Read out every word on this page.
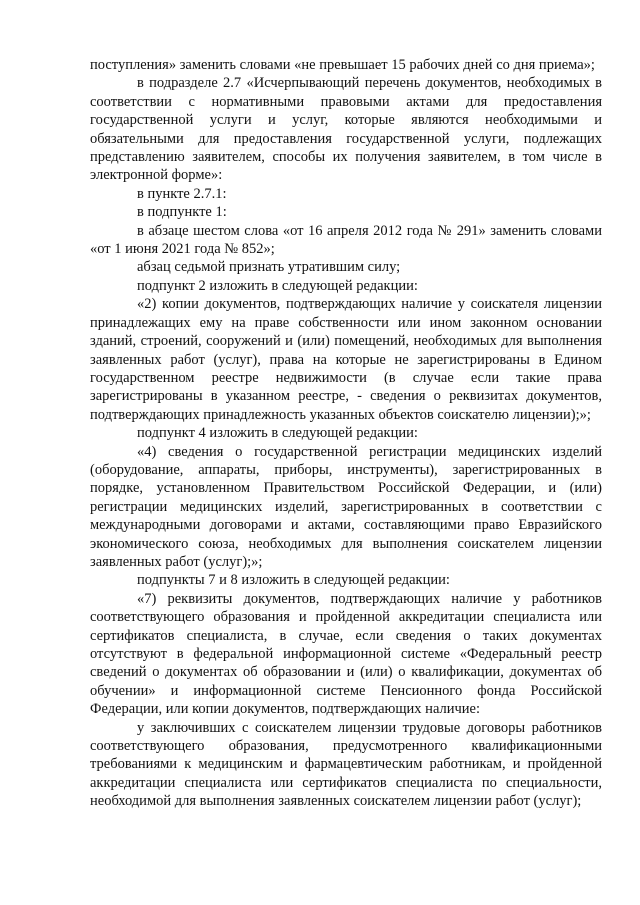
поступления» заменить словами «не превышает 15 рабочих дней со дня приема»;

в подразделе 2.7 «Исчерпывающий перечень документов, необходимых в соответствии с нормативными правовыми актами для предоставления государственной услуги и услуг, которые являются необходимыми и обязательными для предоставления государственной услуги, подлежащих представлению заявителем, способы их получения заявителем, в том числе в электронной форме»:

в пункте 2.7.1:

в подпункте 1:

в абзаце шестом слова «от 16 апреля 2012 года № 291» заменить словами «от 1 июня 2021 года № 852»;

абзац седьмой признать утратившим силу;

подпункт 2 изложить в следующей редакции:

«2) копии документов, подтверждающих наличие у соискателя лицензии принадлежащих ему на праве собственности или ином законном основании зданий, строений, сооружений и (или) помещений, необходимых для выполнения заявленных работ (услуг), права на которые не зарегистрированы в Едином государственном реестре недвижимости (в случае если такие права зарегистрированы в указанном реестре, - сведения о реквизитах документов, подтверждающих принадлежность указанных объектов соискателю лицензии);»;

подпункт 4 изложить в следующей редакции:

«4) сведения о государственной регистрации медицинских изделий (оборудование, аппараты, приборы, инструменты), зарегистрированных в порядке, установленном Правительством Российской Федерации, и (или) регистрации медицинских изделий, зарегистрированных в соответствии с международными договорами и актами, составляющими право Евразийского экономического союза, необходимых для выполнения соискателем лицензии заявленных работ (услуг);»;

подпункты 7 и 8 изложить в следующей редакции:

«7) реквизиты документов, подтверждающих наличие у работников соответствующего образования и пройденной аккредитации специалиста или сертификатов специалиста, в случае, если сведения о таких документах отсутствуют в федеральной информационной системе «Федеральный реестр сведений о документах об образовании и (или) о квалификации, документах об обучении» и информационной системе Пенсионного фонда Российской Федерации, или копии документов, подтверждающих наличие:

у заключивших с соискателем лицензии трудовые договоры работников соответствующего образования, предусмотренного квалификационными требованиями к медицинским и фармацевтическим работникам, и пройденной аккредитации специалиста или сертификатов специалиста по специальности, необходимой для выполнения заявленных соискателем лицензии работ (услуг);
